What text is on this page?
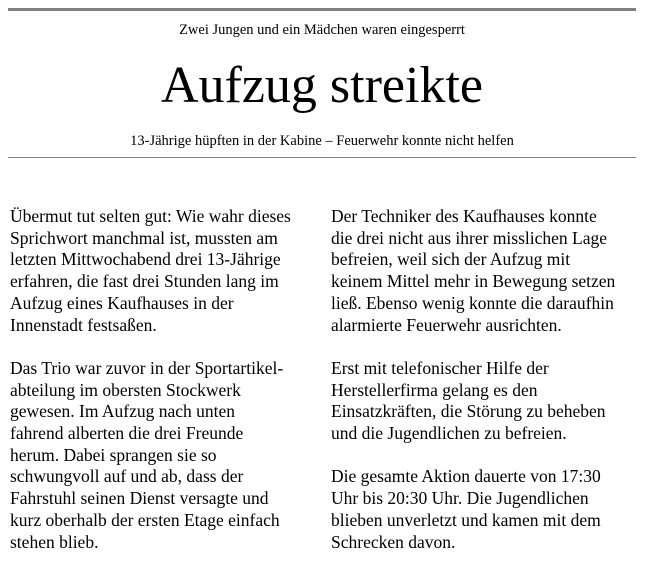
Zwei Jungen und ein Mädchen waren eingesperrt
Aufzug streikte
13-Jährige hüpften in der Kabine – Feuerwehr konnte nicht helfen

Übermut tut selten gut: Wie wahr dieses
Sprichwort manchmal ist, mussten am
letzten Mittwochabend drei 13-Jährige
erfahren, die fast drei Stunden lang im
Aufzug eines Kaufhauses in der
Innenstadt festsaßen.

Das Trio war zuvor in der Sportartikel-
abteilung im obersten Stockwerk
gewesen. Im Aufzug nach unten
fahrend alberten die drei Freunde
herum. Dabei sprangen sie so
schwungvoll auf und ab, dass der
Fahrstuhl seinen Dienst versagte und
kurz oberhalb der ersten Etage einfach
stehen blieb.

Der Techniker des Kaufhauses konnte
die drei nicht aus ihrer misslichen Lage
befreien, weil sich der Aufzug mit
keinem Mittel mehr in Bewegung setzen
ließ. Ebenso wenig konnte die daraufhin
alarmierte Feuerwehr ausrichten.

Erst mit telefonischer Hilfe der
Herstellerfirma gelang es den
Einsatzkräften, die Störung zu beheben
und die Jugendlichen zu befreien.

Die gesamte Aktion dauerte von 17:30
Uhr bis 20:30 Uhr. Die Jugendlichen
blieben unverletzt und kamen mit dem
Schrecken davon.
